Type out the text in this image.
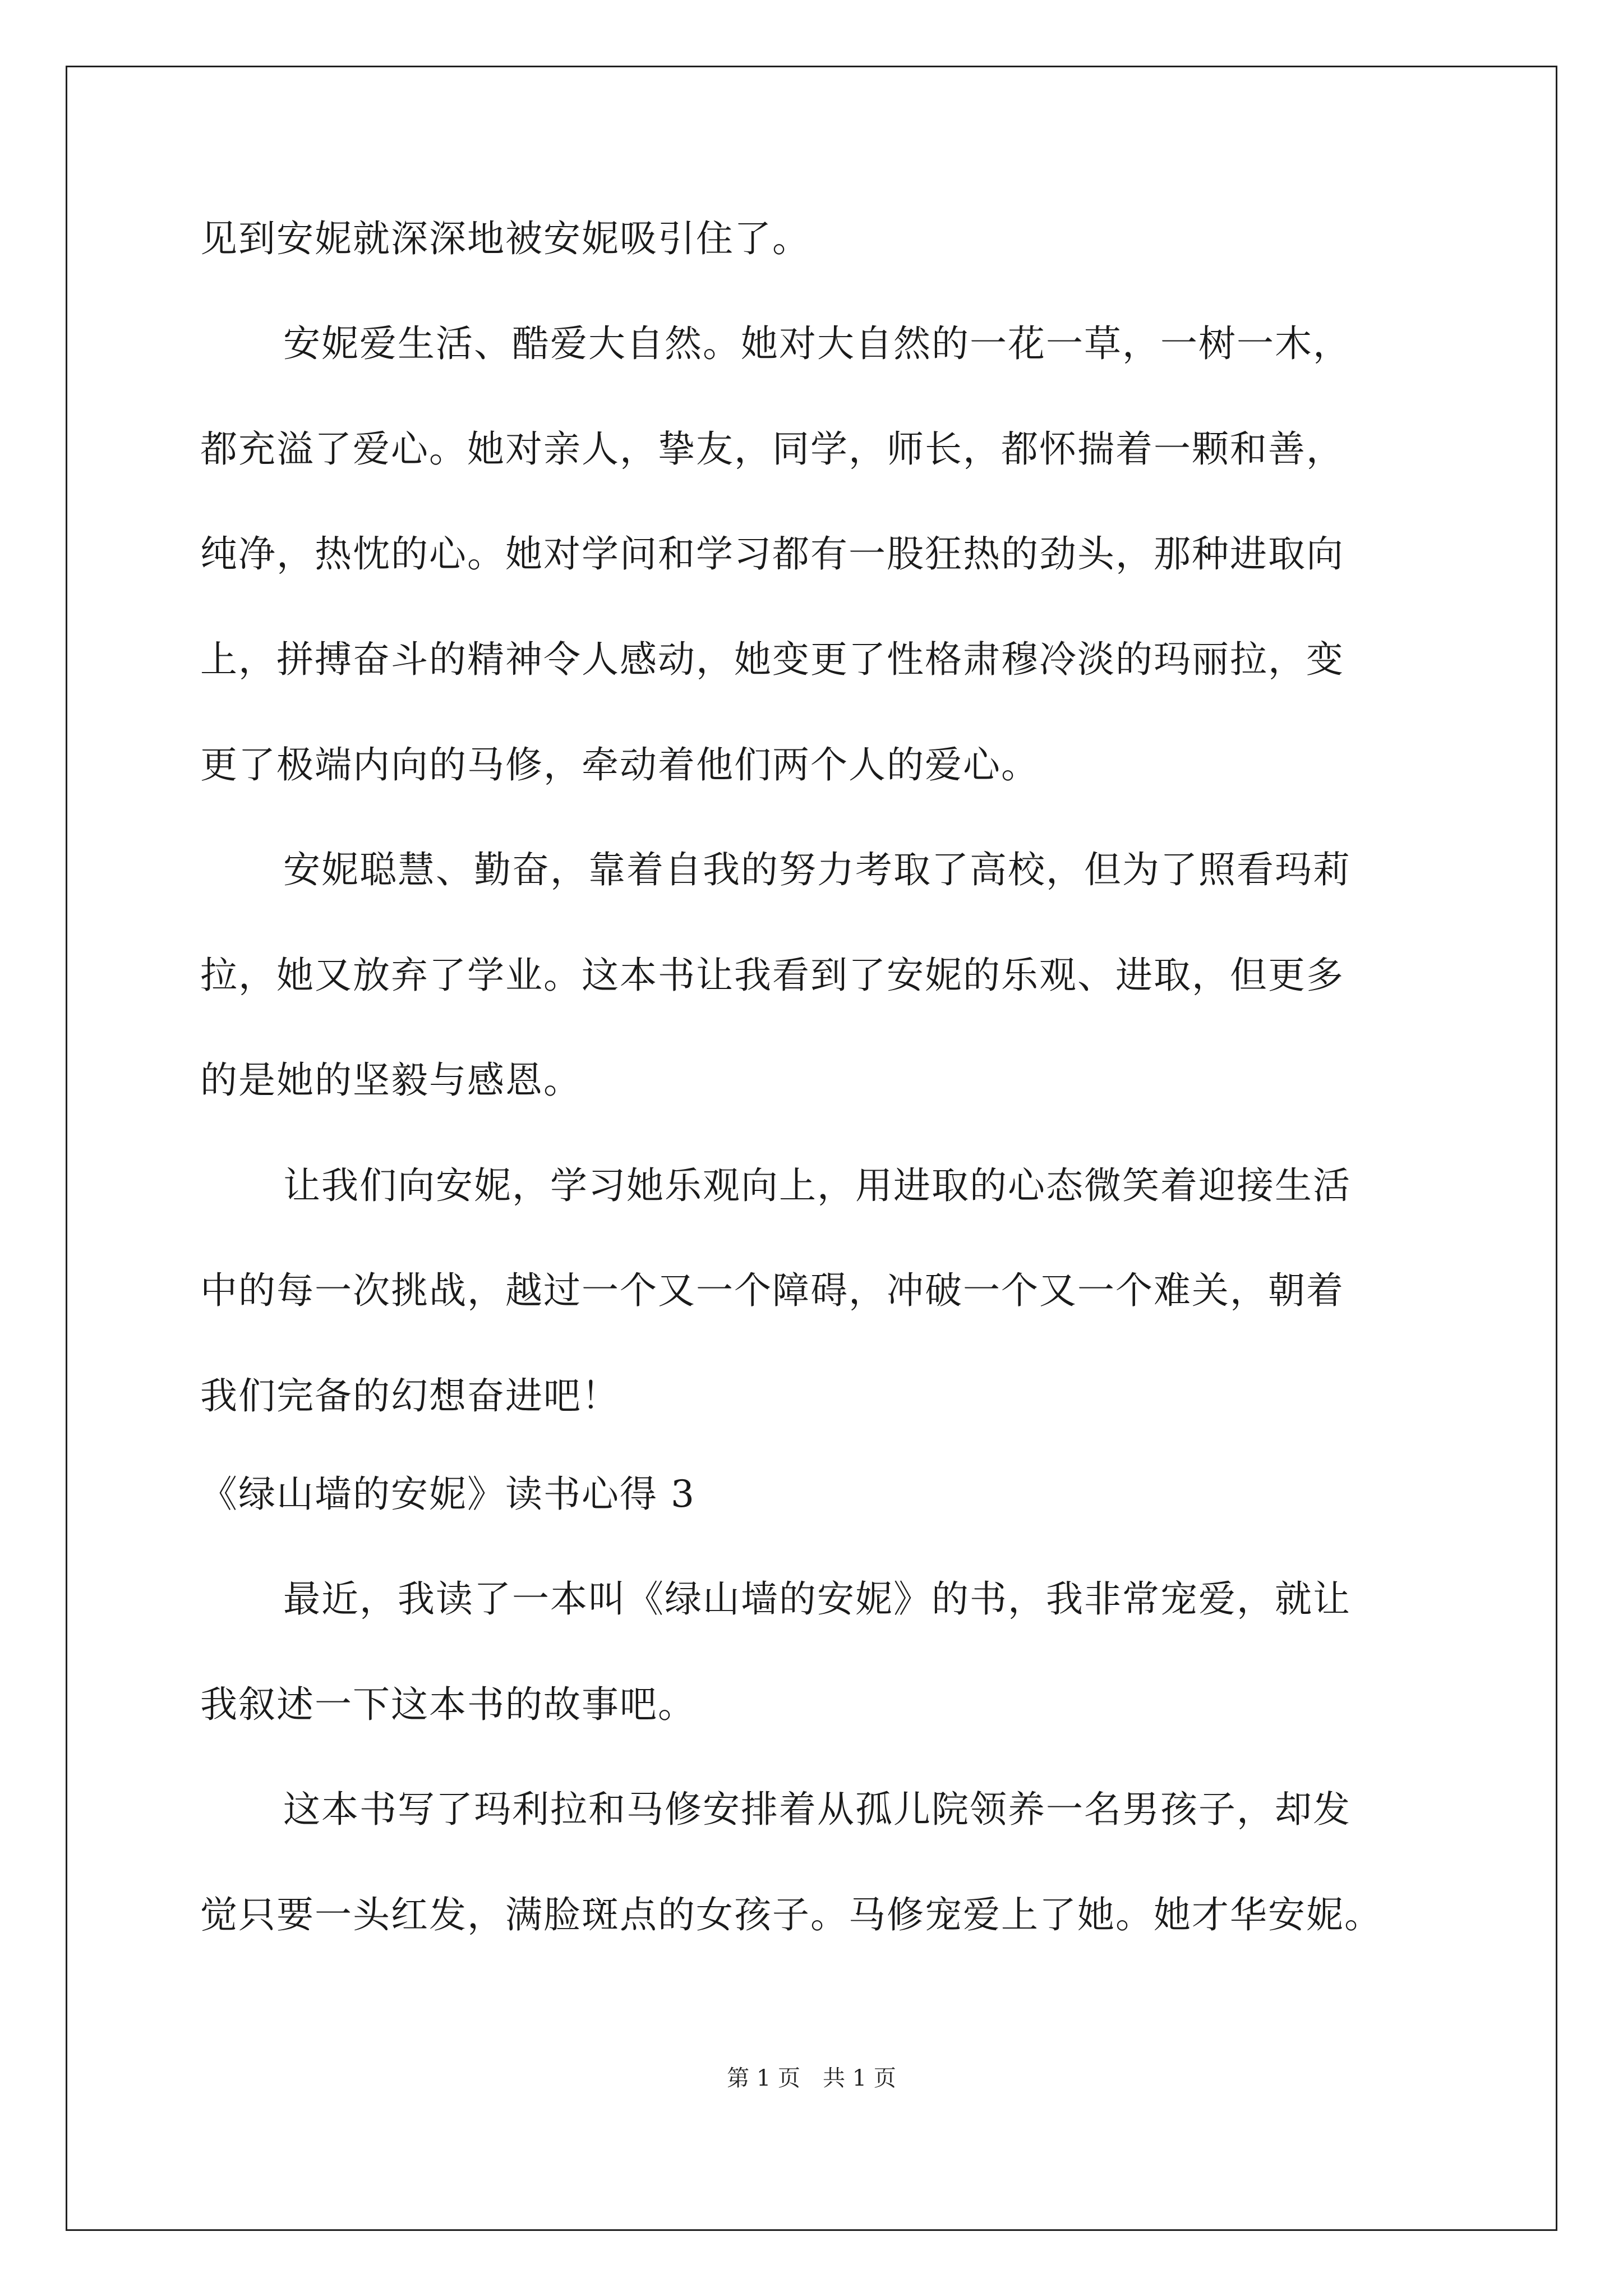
见到安妮就深深地被安妮吸引住了。
安妮爱生活、酷爱大自然。她对大自然的一花一草，一树一木，
都充溢了爱心。她对亲人，挚友，同学，师长，都怀揣着一颗和善，
纯净，热忱的心。她对学问和学习都有一股狂热的劲头，那种进取向
上，拼搏奋斗的精神令人感动，她变更了性格肃穆冷淡的玛丽拉，变
更了极端内向的马修，牵动着他们两个人的爱心。
安妮聪慧、勤奋，靠着自我的努力考取了高校，但为了照看玛莉
拉，她又放弃了学业。这本书让我看到了安妮的乐观、进取，但更多
的是她的坚毅与感恩。
让我们向安妮，学习她乐观向上，用进取的心态微笑着迎接生活
中的每一次挑战，越过一个又一个障碍，冲破一个又一个难关，朝着
我们完备的幻想奋进吧！
《绿山墙的安妮》读书心得 3
最近，我读了一本叫《绿山墙的安妮》的书，我非常宠爱，就让
我叙述一下这本书的故事吧。
这本书写了玛利拉和马修安排着从孤儿院领养一名男孩子，却发
觉只要一头红发，满脸斑点的女孩子。马修宠爱上了她。她才华安妮。
第 1 页　共 1 页
